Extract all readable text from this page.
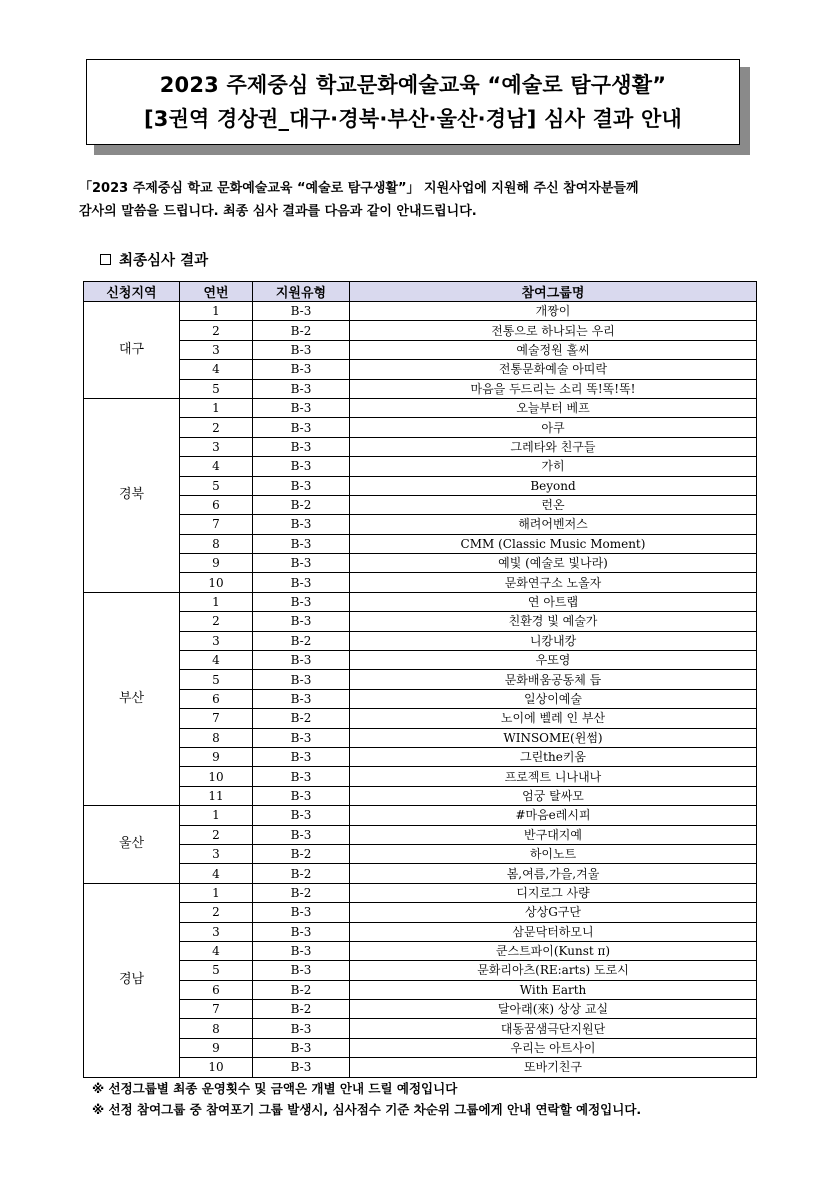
2023 주제중심 학교문화예술교육 “예술로 탐구생활”
[3권역 경상권_대구·경북·부산·울산·경남] 심사 결과 안내
「2023 주제중심 학교 문화예술교육 “예술로 탐구생활”」 지원사업에 지원해 주신 참여자분들께
감사의 말씀을 드립니다. 최종 심사 결과를 다음과 같이 안내드립니다.
최종심사 결과
신청지역	연번	지원유형	참여그룹명
대구	1	B-3	개짱이
	2	B-2	전통으로 하나되는 우리
	3	B-3	예술정원 홀씨
	4	B-3	전통문화예술 아띠락
	5	B-3	마음을 두드리는 소리 똑!똑!똑!
경북	1	B-3	오늘부터 베프
	2	B-3	아쿠
	3	B-3	그레타와 친구들
	4	B-3	가히
	5	B-3	Beyond
	6	B-2	런온
	7	B-3	해려어벤저스
	8	B-3	CMM (Classic Music Moment)
	9	B-3	예빛 (예술로 빛나라)
	10	B-3	문화연구소 노올자
부산	1	B-3	연 아트랩
	2	B-3	친환경 빛 예술가
	3	B-2	니캉내캉
	4	B-3	우또영
	5	B-3	문화배움공동체 듭
	6	B-3	일상이예술
	7	B-2	노이에 벨레 인 부산
	8	B-3	WINSOME(윈썸)
	9	B-3	그린the키움
	10	B-3	프로젝트 니나내나
	11	B-3	엄궁 탈싸모
울산	1	B-3	#마음e레시피
	2	B-3	반구대지예
	3	B-2	하이노트
	4	B-2	봄,여름,가을,겨울
경남	1	B-2	디지로그 사량
	2	B-3	상상G구단
	3	B-3	삼문닥터하모니
	4	B-3	쿤스트파이(Kunst π)
	5	B-3	문화리아츠(RE:arts) 도로시
	6	B-2	With Earth
	7	B-2	달아래(來) 상상 교실
	8	B-3	대동꿈샘극단지원단
	9	B-3	우리는 아트사이
	10	B-3	또바기친구
※ 선정그룹별 최종 운영횟수 및 금액은 개별 안내 드릴 예정입니다
※ 선정 참여그룹 중 참여포기 그룹 발생시, 심사점수 기준 차순위 그룹에게 안내 연락할 예정입니다.
